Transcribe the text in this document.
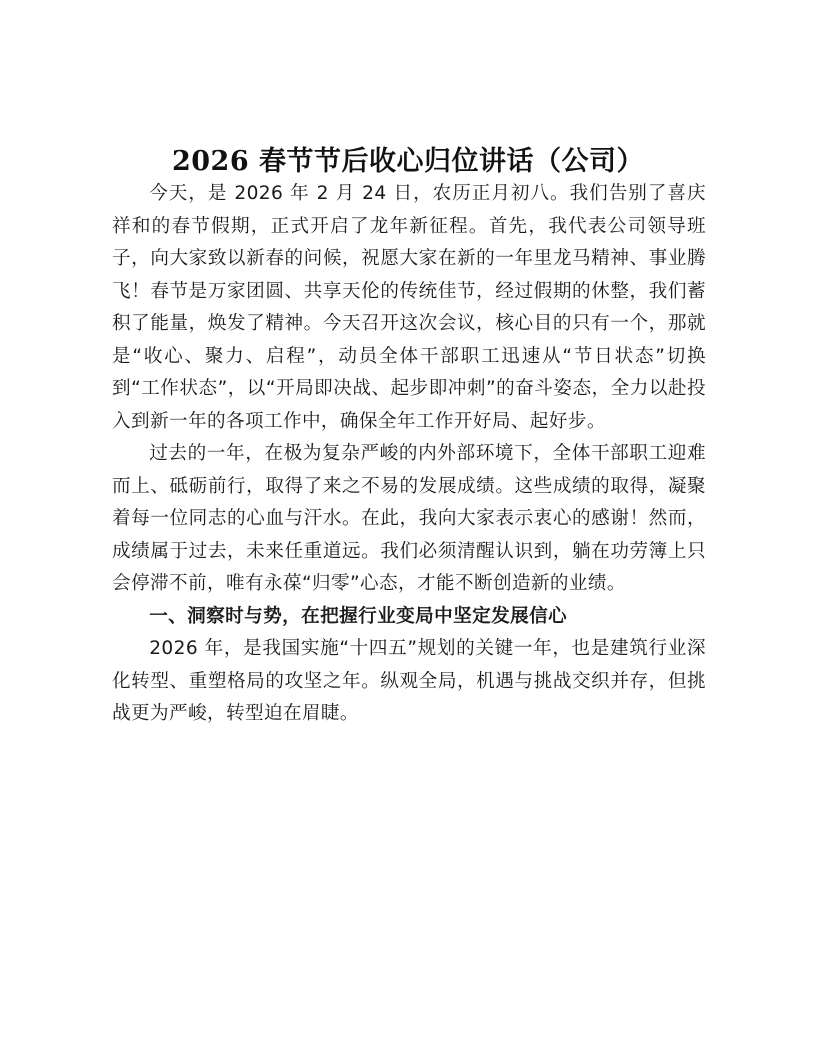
2026 春节节后收心归位讲话（公司）

今天，是 2026 年 2 月 24 日，农历正月初八。我们告别了喜庆祥和的春节假期，正式开启了龙年新征程。首先，我代表公司领导班子，向大家致以新春的问候，祝愿大家在新的一年里龙马精神、事业腾飞！春节是万家团圆、共享天伦的传统佳节，经过假期的休整，我们蓄积了能量，焕发了精神。今天召开这次会议，核心目的只有一个，那就是“收心、聚力、启程”，动员全体干部职工迅速从“节日状态”切换到“工作状态”，以“开局即决战、起步即冲刺”的奋斗姿态，全力以赴投入到新一年的各项工作中，确保全年工作开好局、起好步。

过去的一年，在极为复杂严峻的内外部环境下，全体干部职工迎难而上、砥砺前行，取得了来之不易的发展成绩。这些成绩的取得，凝聚着每一位同志的心血与汗水。在此，我向大家表示衷心的感谢！然而，成绩属于过去，未来任重道远。我们必须清醒认识到，躺在功劳簿上只会停滞不前，唯有永葆“归零”心态，才能不断创造新的业绩。

一、洞察时与势，在把握行业变局中坚定发展信心

2026 年，是我国实施“十四五”规划的关键一年，也是建筑行业深化转型、重塑格局的攻坚之年。纵观全局，机遇与挑战交织并存，但挑战更为严峻，转型迫在眉睫。
